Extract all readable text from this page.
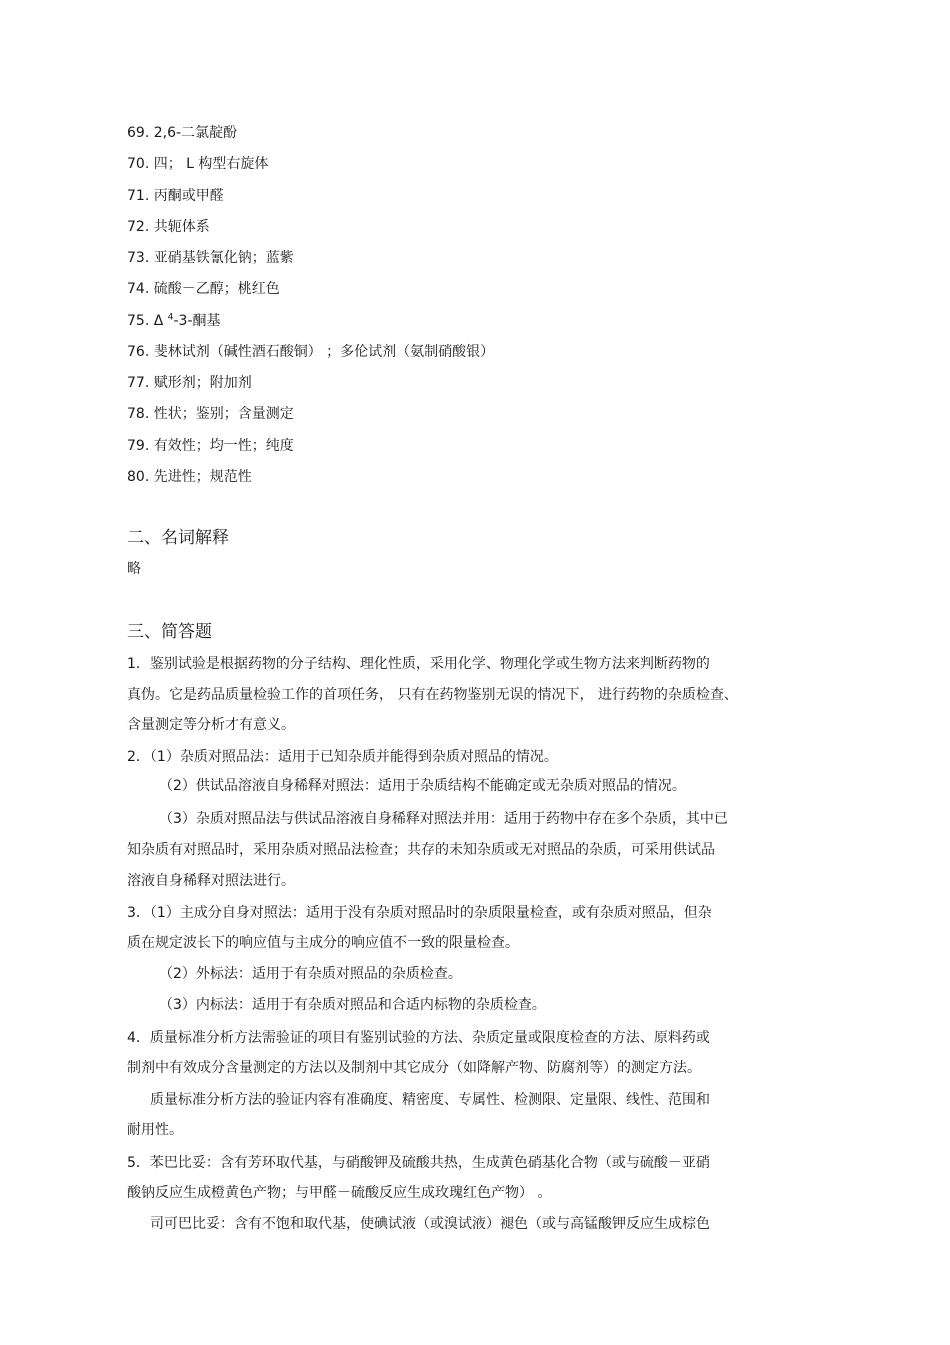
69. 2,6-二氯靛酚
70. 四； L 构型右旋体
71. 丙酮或甲醛
72. 共轭体系
73. 亚硝基铁氰化钠；蓝紫
74. 硫酸－乙醇；桃红色
75. Δ $^4$-3-酮基
76. 斐林试剂（碱性酒石酸铜） ；多伦试剂（氨制硝酸银）
77. 赋形剂；附加剂
78. 性状；鉴别；含量测定
79. 有效性；均一性；纯度
80. 先进性；规范性
二、名词解释
略
三、简答题
1．鉴别试验是根据药物的分子结构、理化性质，采用化学、物理化学或生物方法来判断药物的
真伪。它是药品质量检验工作的首项任务， 只有在药物鉴别无误的情况下， 进行药物的杂质检查、
含量测定等分析才有意义。
2．（1）杂质对照品法：适用于已知杂质并能得到杂质对照品的情况。
（2）供试品溶液自身稀释对照法：适用于杂质结构不能确定或无杂质对照品的情况。
（3）杂质对照品法与供试品溶液自身稀释对照法并用：适用于药物中存在多个杂质，其中已
知杂质有对照品时，采用杂质对照品法检查；共存的未知杂质或无对照品的杂质，可采用供试品
溶液自身稀释对照法进行。
3．（1）主成分自身对照法：适用于没有杂质对照品时的杂质限量检查，或有杂质对照品，但杂
质在规定波长下的响应值与主成分的响应值不一致的限量检查。
（2）外标法：适用于有杂质对照品的杂质检查。
（3）内标法：适用于有杂质对照品和合适内标物的杂质检查。
4．质量标准分析方法需验证的项目有鉴别试验的方法、杂质定量或限度检查的方法、原料药或
制剂中有效成分含量测定的方法以及制剂中其它成分（如降解产物、防腐剂等）的测定方法。
质量标准分析方法的验证内容有准确度、精密度、专属性、检测限、定量限、线性、范围和
耐用性。
5．苯巴比妥：含有芳环取代基，与硝酸钾及硫酸共热，生成黄色硝基化合物（或与硫酸－亚硝
酸钠反应生成橙黄色产物；与甲醛－硫酸反应生成玫瑰红色产物） 。
司可巴比妥：含有不饱和取代基，使碘试液（或溴试液）褪色（或与高锰酸钾反应生成棕色
